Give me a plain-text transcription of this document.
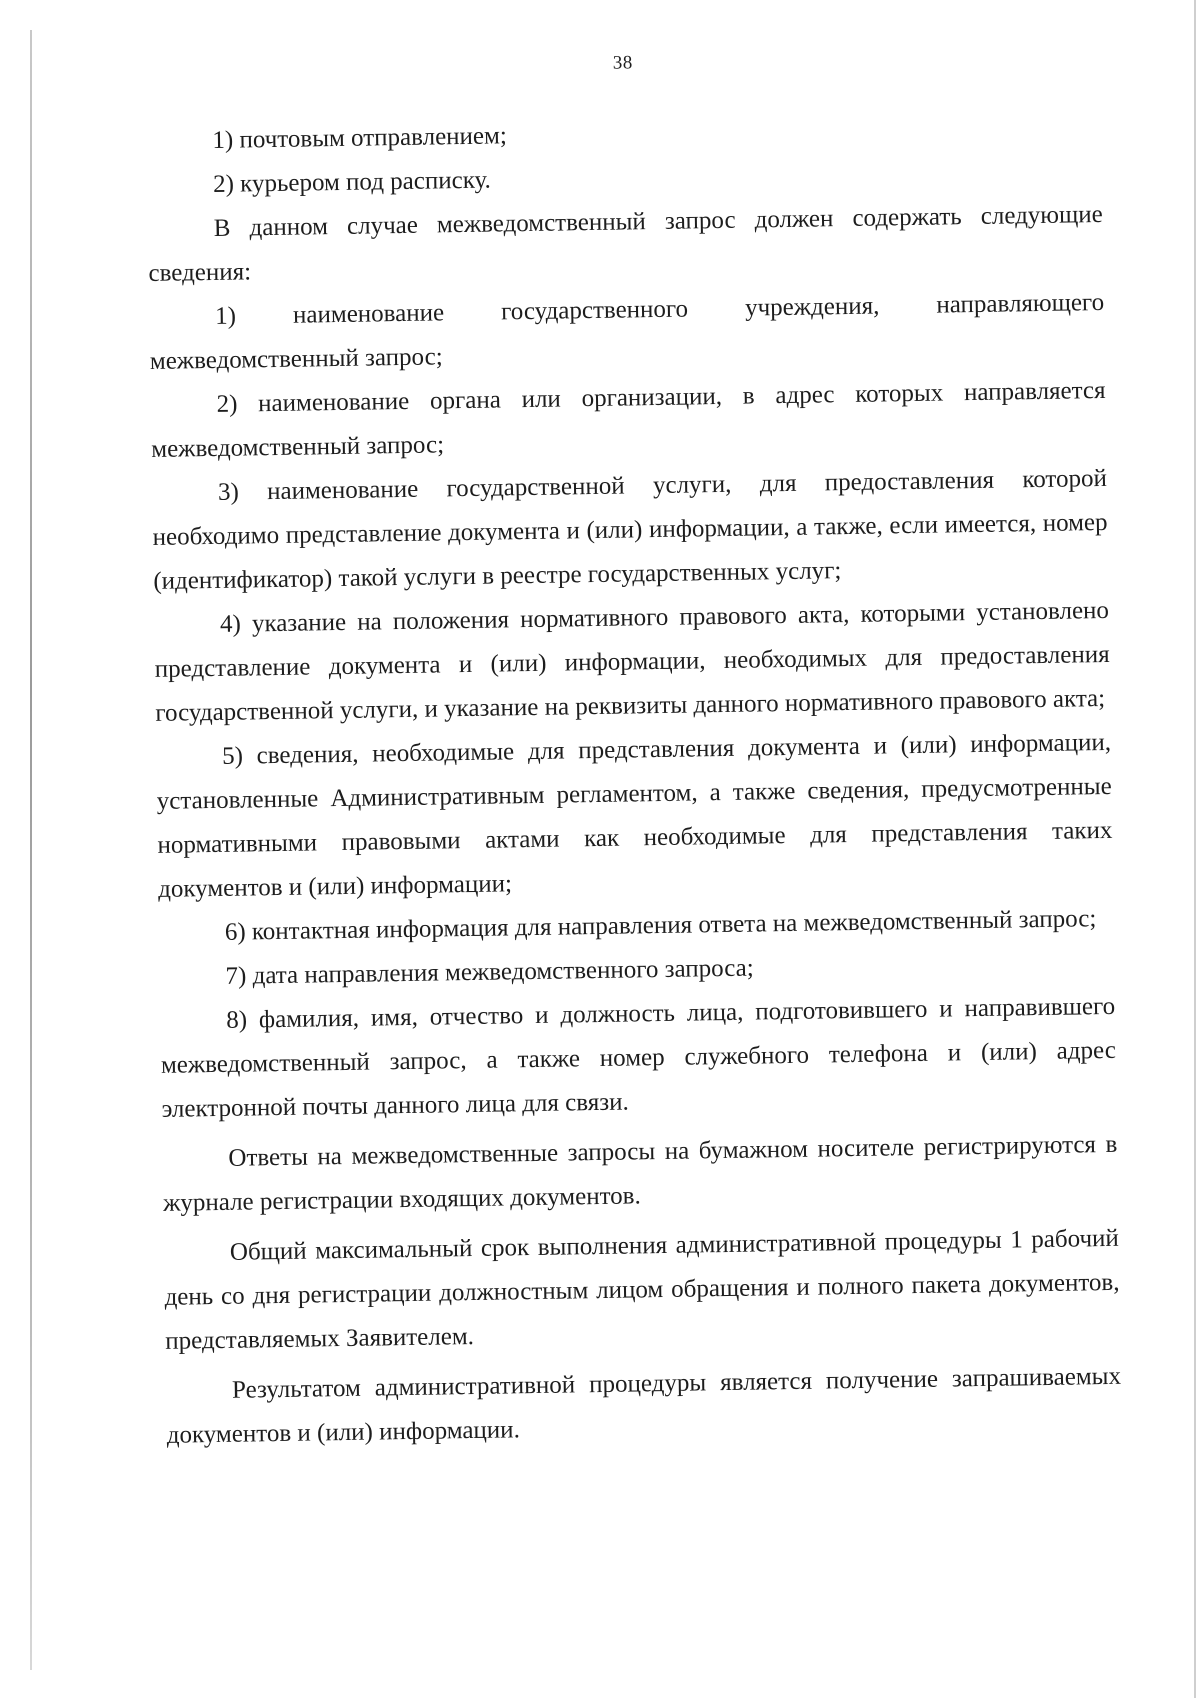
38

1) почтовым отправлением;

2) курьером под расписку.

В данном случае межведомственный запрос должен содержать следующие сведения:

1) наименование государственного учреждения, направляющего межведомственный запрос;

2) наименование органа или организации, в адрес которых направляется межведомственный запрос;

3) наименование государственной услуги, для предоставления которой необходимо представление документа и (или) информации, а также, если имеется, номер (идентификатор) такой услуги в реестре государственных услуг;

4) указание на положения нормативного правового акта, которыми установлено представление документа и (или) информации, необходимых для предоставления государственной услуги, и указание на реквизиты данного нормативного правового акта;

5) сведения, необходимые для представления документа и (или) информации, установленные Административным регламентом, а также сведения, предусмотренные нормативными правовыми актами как необходимые для представления таких документов и (или) информации;

6) контактная информация для направления ответа на межведомственный запрос;

7) дата направления межведомственного запроса;

8) фамилия, имя, отчество и должность лица, подготовившего и направившего межведомственный запрос, а также номер служебного телефона и (или) адрес электронной почты данного лица для связи.

Ответы на межведомственные запросы на бумажном носителе регистрируются в журнале регистрации входящих документов.

Общий максимальный срок выполнения административной процедуры 1 рабочий день со дня регистрации должностным лицом обращения и полного пакета документов, представляемых Заявителем.

Результатом административной процедуры является получение запрашиваемых документов и (или) информации.
